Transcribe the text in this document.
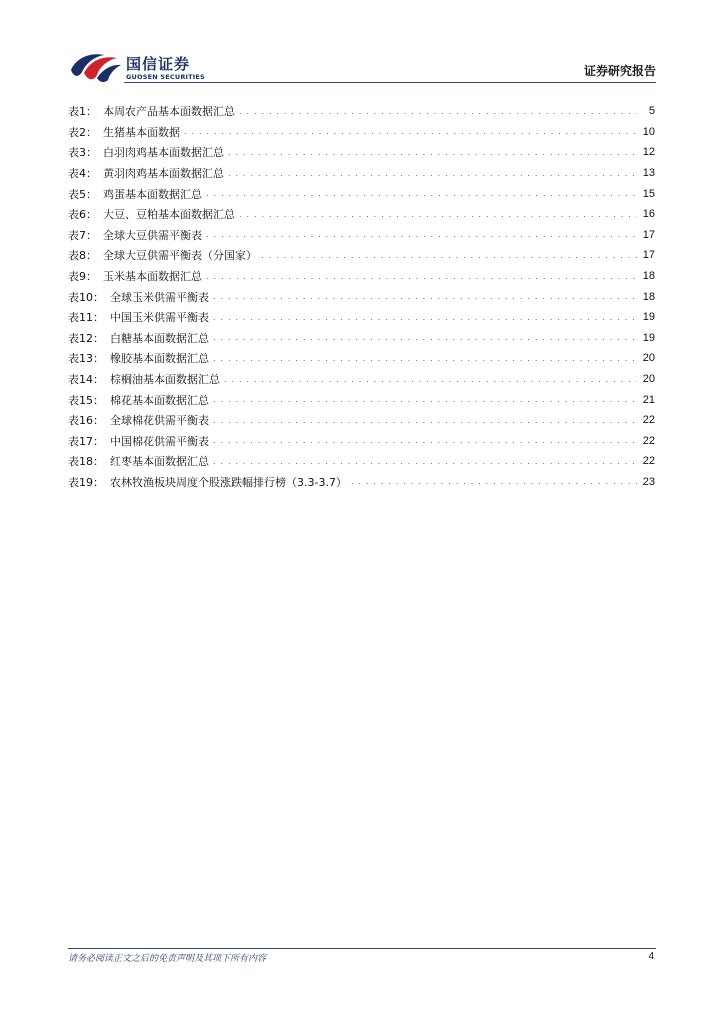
国信证券
GUOSEN SECURITIES	证券研究报告
表1： 本周农产品基本面数据汇总 . . .	5
表2： 生猪基本面数据 . . .	10
表3： 白羽肉鸡基本面数据汇总 . . .	12
表4： 黄羽肉鸡基本面数据汇总 . . .	13
表5： 鸡蛋基本面数据汇总 . . .	15
表6： 大豆、豆粕基本面数据汇总 . . .	16
表7： 全球大豆供需平衡表 . . .	17
表8： 全球大豆供需平衡表（分国家） . . .	17
表9： 玉米基本面数据汇总 . . .	18
表10： 全球玉米供需平衡表 . . .	18
表11： 中国玉米供需平衡表 . . .	19
表12： 白糖基本面数据汇总 . . .	19
表13： 橡胶基本面数据汇总 . . .	20
表14： 棕榈油基本面数据汇总 . . .	20
表15： 棉花基本面数据汇总 . . .	21
表16： 全球棉花供需平衡表 . . .	22
表17： 中国棉花供需平衡表 . . .	22
表18： 红枣基本面数据汇总 . . .	22
表19： 农林牧渔板块周度个股涨跌幅排行榜（3.3-3.7） . . .	23
请务必阅读正文之后的免责声明及其项下所有内容	4
